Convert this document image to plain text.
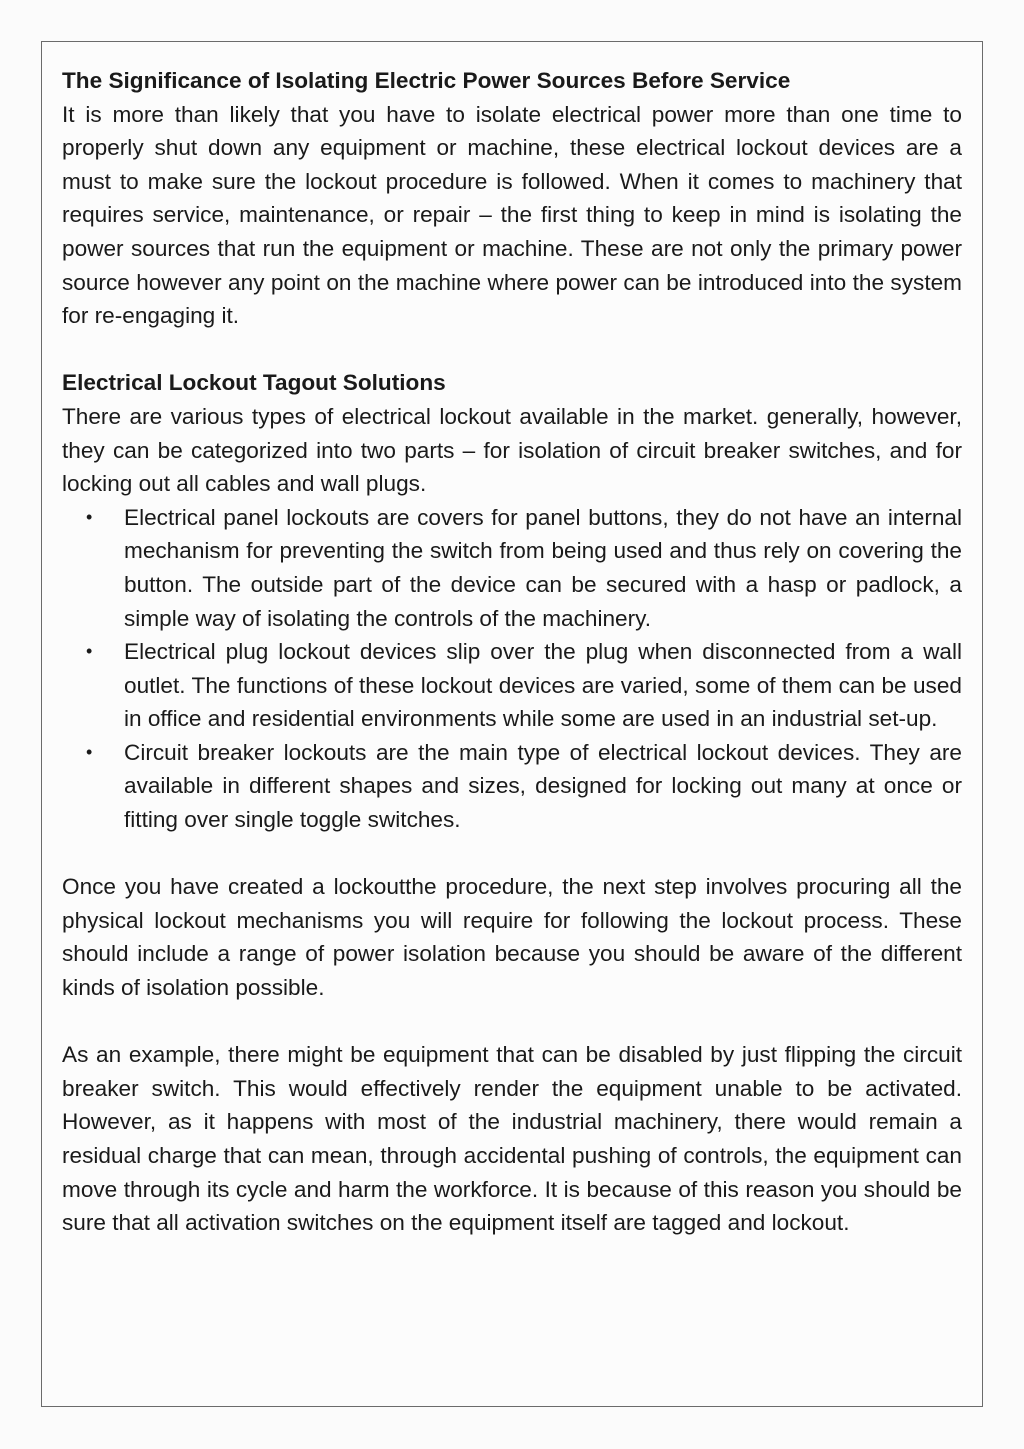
The Significance of Isolating Electric Power Sources Before Service

It is more than likely that you have to isolate electrical power more than one time to properly shut down any equipment or machine, these electrical lockout devices are a must to make sure the lockout procedure is followed. When it comes to machinery that requires service, maintenance, or repair – the first thing to keep in mind is isolating the power sources that run the equipment or machine. These are not only the primary power source however any point on the machine where power can be introduced into the system for re-engaging it.

Electrical Lockout Tagout Solutions

There are various types of electrical lockout available in the market. generally, however, they can be categorized into two parts – for isolation of circuit breaker switches, and for locking out all cables and wall plugs.

• Electrical panel lockouts are covers for panel buttons, they do not have an internal mechanism for preventing the switch from being used and thus rely on covering the button. The outside part of the device can be secured with a hasp or padlock, a simple way of isolating the controls of the machinery.
• Electrical plug lockout devices slip over the plug when disconnected from a wall outlet. The functions of these lockout devices are varied, some of them can be used in office and residential environments while some are used in an industrial set-up.
• Circuit breaker lockouts are the main type of electrical lockout devices. They are available in different shapes and sizes, designed for locking out many at once or fitting over single toggle switches.

Once you have created a lockoutthe procedure, the next step involves procuring all the physical lockout mechanisms you will require for following the lockout process. These should include a range of power isolation because you should be aware of the different kinds of isolation possible.

As an example, there might be equipment that can be disabled by just flipping the circuit breaker switch. This would effectively render the equipment unable to be activated. However, as it happens with most of the industrial machinery, there would remain a residual charge that can mean, through accidental pushing of controls, the equipment can move through its cycle and harm the workforce. It is because of this reason you should be sure that all activation switches on the equipment itself are tagged and lockout.
